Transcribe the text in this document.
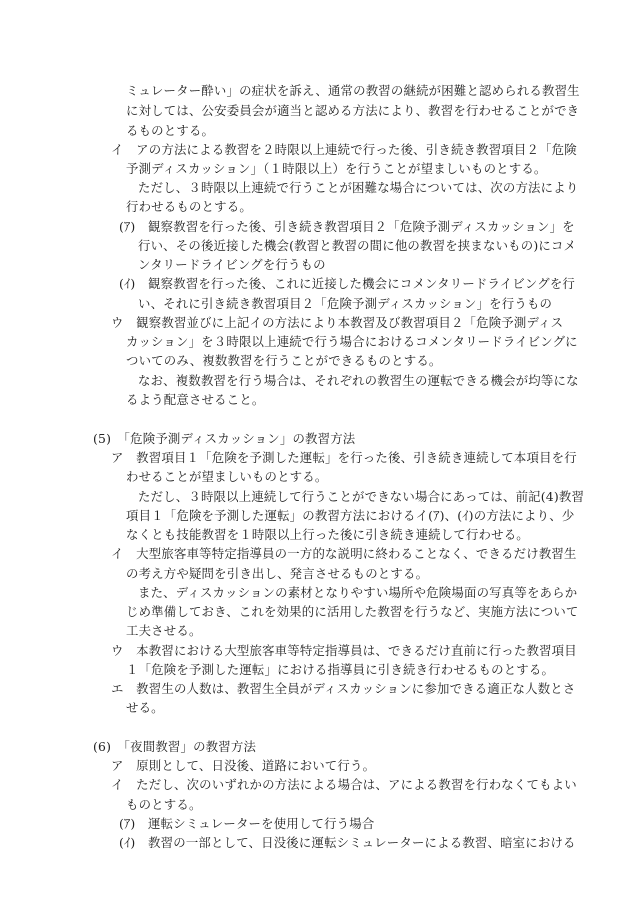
ミュレーター酔い」の症状を訴え、通常の教習の継続が困難と認められる教習生
に対しては、公安委員会が適当と認める方法により、教習を行わせることができ
るものとする。
イ　アの方法による教習を２時限以上連続で行った後、引き続き教習項目２「危険
予測ディスカッション」（１時限以上）を行うことが望ましいものとする。
ただし、３時限以上連続で行うことが困難な場合については、次の方法により
行わせるものとする。
(ｱ)　観察教習を行った後、引き続き教習項目２「危険予測ディスカッション」を
行い、その後近接した機会(教習と教習の間に他の教習を挟まないもの)にコメ
ンタリードライビングを行うもの
(ｲ)　観察教習を行った後、これに近接した機会にコメンタリードライビングを行
い、それに引き続き教習項目２「危険予測ディスカッション」を行うもの
ウ　観察教習並びに上記イの方法により本教習及び教習項目２「危険予測ディス
カッション」を３時限以上連続で行う場合におけるコメンタリードライビングに
ついてのみ、複数教習を行うことができるものとする。
なお、複数教習を行う場合は、それぞれの教習生の運転できる機会が均等にな
るよう配意させること。
(5)　「危険予測ディスカッション」の教習方法
ア　教習項目１「危険を予測した運転」を行った後、引き続き連続して本項目を行
わせることが望ましいものとする。
ただし、３時限以上連続して行うことができない場合にあっては、前記(4)教習
項目１「危険を予測した運転」の教習方法におけるイ(ｱ)、(ｲ)の方法により、少
なくとも技能教習を１時限以上行った後に引き続き連続して行わせる。
イ　大型旅客車等特定指導員の一方的な説明に終わることなく、できるだけ教習生
の考え方や疑問を引き出し、発言させるものとする。
また、ディスカッションの素材となりやすい場所や危険場面の写真等をあらか
じめ準備しておき、これを効果的に活用した教習を行うなど、実施方法について
工夫させる。
ウ　本教習における大型旅客車等特定指導員は、できるだけ直前に行った教習項目
１「危険を予測した運転」における指導員に引き続き行わせるものとする。
エ　教習生の人数は、教習生全員がディスカッションに参加できる適正な人数とさ
せる。
(6)　「夜間教習」の教習方法
ア　原則として、日没後、道路において行う。
イ　ただし、次のいずれかの方法による場合は、アによる教習を行わなくてもよい
ものとする。
(ｱ)　運転シミュレーターを使用して行う場合
(ｲ)　教習の一部として、日没後に運転シミュレーターによる教習、暗室における
